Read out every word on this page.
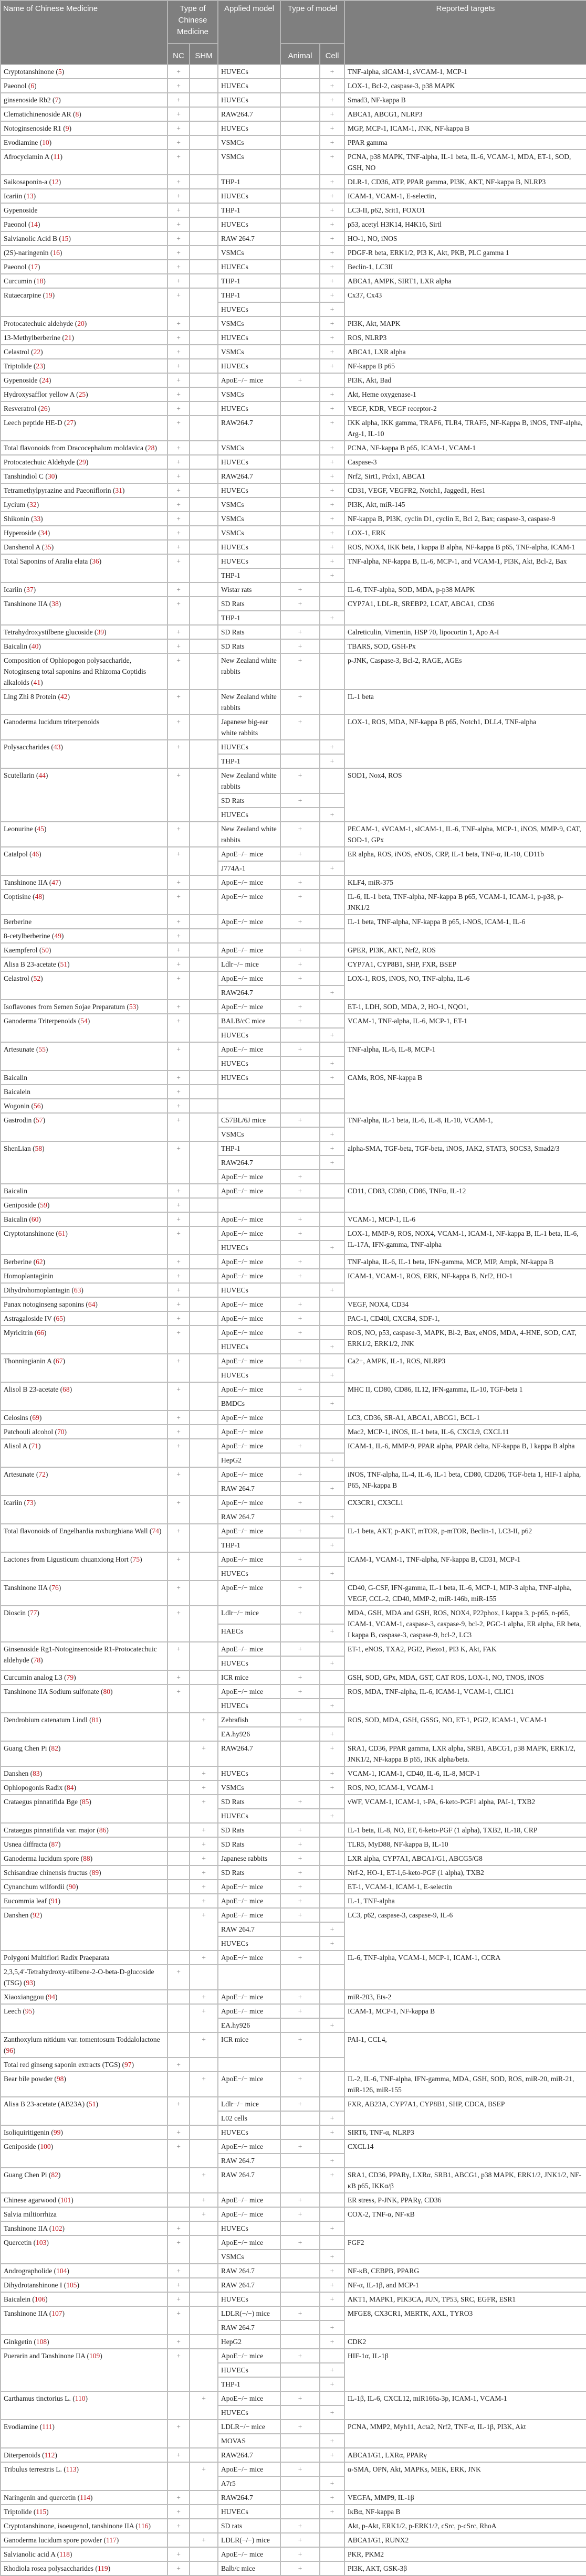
Name of Chinese Medicine	Type of Chinese Medicine		Applied model	Type of model		Reported targets
	NC	SHM		Animal	Cell	
Cryptotanshinone ( 5 )	+		HUVECs		+	TNF-alpha, sICAM-1, sVCAM-1, MCP-1
Paeonol ( 6 )	+		HUVECs		+	LOX-1, Bcl-2, caspase-3, p38 MAPK
ginsenoside Rb2 ( 7 )	+		HUVECs		+	Smad3, NF-kappa B
Clematichinenoside AR ( 8 )	+		RAW264.7		+	ABCA1, ABCG1, NLRP3
Notoginsenoside R1 ( 9 )	+		HUVECs		+	MGP, MCP-1, ICAM-1, JNK, NF-kappa B
Evodiamine ( 10 )	+		VSMCs		+	PPAR gamma
Afrocyclamin A ( 11 )	+		VSMCs		+	PCNA, p38 MAPK, TNF-alpha, IL-1 beta, IL-6, VCAM-1, MDA, ET-1, SOD, GSH, NO
Saikosaponin-a ( 12 )	+		THP-1		+	DLR-1, CD36, ATP, PPAR gamma, PI3K, AKT, NF-kappa B, NLRP3
Icariin ( 13 )	+		HUVECs		+	ICAM-1, VCAM-1, E-selectin,
Gypenoside	+		THP-1		+	LC3-II, p62, Srit1, FOXO1
Paeonol ( 14 )	+		HUVECs		+	p53, acetyl H3K14, H4K16, Sirtl
Salvianolic Acid B ( 15 )	+		RAW 264.7		+	HO-1, NO, iNOS
(2S)-naringenin ( 16 )	+		VSMCs		+	PDGF-R beta, ERK1/2, PI3 K, Akt, PKB, PLC gamma 1
Paeonol ( 17 )	+		HUVECs		+	Beclin-1, LC3II
Curcumin ( 18 )	+		THP-1		+	ABCA1, AMPK, SIRT1, LXR alpha
Rutaecarpine ( 19 )	+		THP-1		+	Cx37, Cx43
			HUVECs		+	
Protocatechuic aldehyde ( 20 )	+		VSMCs		+	PI3K, Akt, MAPK
13-Methylberberine ( 21 )	+		HUVECs		+	ROS, NLRP3
Celastrol ( 22 )	+		VSMCs		+	ABCA1, LXR alpha
Triptolide ( 23 )	+		HUVECs		+	NF-kappa B p65
Gypenoside ( 24 )	+		ApoE−/− mice	+		PI3K, Akt, Bad
Hydroxysafflor yellow A ( 25 )	+		VSMCs		+	Akt, Heme oxygenase-1
Resveratrol ( 26 )	+		HUVECs		+	VEGF, KDR, VEGF receptor-2
Leech peptide HE-D ( 27 )	+		RAW264.7		+	IKK alpha, IKK gamma, TRAF6, TLR4, TRAF5, NF-Kappa B, iNOS, TNF-alpha, Arg-1, IL-10
Total flavonoids from Dracocephalum moldavica ( 28 )	+		VSMCs		+	PCNA, NF-kappa B p65, ICAM-1, VCAM-1
Protocatechuic Aldehyde ( 29 )	+		HUVECs		+	Caspase-3
Tanshindiol C ( 30 )	+		RAW264.7		+	Nrf2, Sirt1, Prdx1, ABCA1
Tetramethylpyrazine and Paeoniflorin ( 31 )	+		HUVECs		+	CD31, VEGF, VEGFR2, Notch1, Jagged1, Hes1
Lycium ( 32 )	+		VSMCs		+	PI3K, Akt, miR-145
Shikonin ( 33 )	+		VSMCs		+	NF-kappa B, PI3K, cyclin D1, cyclin E, Bcl 2, Bax; caspase-3, caspase-9
Hyperoside ( 34 )	+		VSMCs		+	LOX-1, ERK
Danshenol A ( 35 )	+		HUVECs		+	ROS, NOX4, IKK beta, I kappa B alpha, NF-kappa B p65, TNF-alpha, ICAM-1
Total Saponins of Aralia elata ( 36 )	+		HUVECs		+	TNF-alpha, NF-kappa B, IL-6, MCP-1, and VCAM-1, PI3K, Akt, Bcl-2, Bax
			THP-1		+	
Icariin ( 37 )	+		Wistar rats	+		IL-6, TNF-alpha, SOD, MDA, p-p38 MAPK
Tanshinone IIA ( 38 )	+		SD Rats	+		CYP7A1, LDL-R, SREBP2, LCAT, ABCA1, CD36
			THP-1		+	
Tetrahydroxystilbene glucoside ( 39 )	+		SD Rats	+		Calreticulin, Vimentin, HSP 70, lipocortin 1, Apo A-I
Baicalin ( 40 )	+		SD Rats	+		TBARS, SOD, GSH-Px
Composition of Ophiopogon polysaccharide, Notoginseng total saponins and Rhizoma Coptidis alkaloids ( 41 )	+		New Zealand white rabbits	+		p-JNK, Caspase-3, Bcl-2, RAGE, AGEs
Ling Zhi 8 Protein ( 42 )	+		New Zealand white rabbits	+		IL-1 beta
Ganoderma lucidum triterpenoids	+		Japanese big-ear white rabbits	+		LOX-1, ROS, MDA, NF-kappa B p65, Notch1, DLL4, TNF-alpha
Polysaccharides ( 43 )	+		HUVECs		+	
			THP-1		+	
Scutellarin ( 44 )	+		New Zealand white rabbits	+		SOD1, Nox4, ROS
			SD Rats	+		
			HUVECs		+	
Leonurine ( 45 )	+		New Zealand white rabbits	+		PECAM-1, sVCAM-1, sICAM-1, IL-6, TNF-alpha, MCP-1, iNOS, MMP-9, CAT, SOD-1, GPx
Catalpol ( 46 )	+		ApoE−/− mice	+		ER alpha, ROS, iNOS, eNOS, CRP, IL-1 beta, TNF-α, IL-10, CD11b
			J774A-1		+	
Tanshinone IIA ( 47 )	+		ApoE−/− mice	+		KLF4, miR-375
Coptisine ( 48 )	+		ApoE−/− mice	+		IL-6, IL-1 beta, TNF-alpha, NF-kappa B p65, VCAM-1, ICAM-1, p-p38, p-JNK1/2
Berberine	+		ApoE−/− mice	+		IL-1 beta, TNF-alpha, NF-kappa B p65, i-NOS, ICAM-1, IL-6
8-cetylberberine ( 49 )	+					
Kaempferol ( 50 )	+		ApoE−/− mice	+		GPER, PI3K, AKT, Nrf2, ROS
Alisa B 23-acetate ( 51 )	+		Ldlr−/− mice	+		CYP7A1, CYP8B1, SHP, FXR, BSEP
Celastrol ( 52 )	+		ApoE−/− mice	+		LOX-1, ROS, iNOS, NO, TNF-alpha, IL-6
			RAW264.7		+	
Isoflavones from Semen Sojae Preparatum ( 53 )	+		ApoE−/− mice	+		ET-1, LDH, SOD, MDA, 2, HO-1, NQO1,
Ganoderma Triterpenoids ( 54 )	+		BALB/cC mice	+		VCAM-1, TNF-alpha, IL-6, MCP-1, ET-1
			HUVECs		+	
Artesunate ( 55 )	+		ApoE−/− mice	+		TNF-alpha, IL-6, IL-8, MCP-1
			HUVECs		+	
Baicalin	+		HUVECs		+	CAMs, ROS, NF-kappa B
Baicalein	+					
Wogonin ( 56 )	+					
Gastrodin ( 57 )	+		C57BL/6J mice	+		TNF-alpha, IL-1 beta, IL-6, IL-8, IL-10, VCAM-1,
			VSMCs		+	
ShenLian ( 58 )	+		THP-1		+	alpha-SMA, TGF-beta, TGF-beta, iNOS, JAK2, STAT3, SOCS3, Smad2/3
			RAW264.7		+	
			ApoE−/− mice	+		
Baicalin	+		ApoE−/− mice	+		CD11, CD83, CD80, CD86, TNFα, IL-12
Geniposide ( 59 )	+					
Baicalin ( 60 )	+		ApoE−/− mice	+		VCAM-1, MCP-1, IL-6
Cryptotanshinone ( 61 )	+		ApoE−/− mice	+		LOX-1, MMP-9, ROS, NOX4, VCAM-1, ICAM-1, NF-kappa B, IL-1 beta, IL-6, IL-17A, IFN-gamma, TNF-alpha
			HUVECs		+	
Berberine ( 62 )	+		ApoE−/− mice	+		TNF-alpha, IL-6, IL-1 beta, IFN-gamma, MCP, MIP, Ampk, Nf-kappa B
Homoplantaginin	+		ApoE−/− mice	+		ICAM-1, VCAM-1, ROS, ERK, NF-kappa B, Nrf2, HO-1
Dihydrohomoplantagin ( 63 )	+		HUVECs		+	
Panax notoginseng saponins ( 64 )	+		ApoE−/− mice	+		VEGF, NOX4, CD34
Astragaloside IV ( 65 )	+		ApoE−/− mice	+		PAC-1, CD40l, CXCR4, SDF-1,
Myricitrin ( 66 )	+		ApoE−/− mice	+		ROS, NO, p53, caspase-3, MAPK, Bl-2, Bax, eNOS, MDA, 4-HNE, SOD, CAT, ERK1/2, ERK1/2, JNK
			HUVECs		+	
Thonningianin A ( 67 )	+		ApoE−/− mice	+		Ca2+, AMPK, IL-1, ROS, NLRP3
			HUVECs		+	
Alisol B 23-acetate ( 68 )	+		ApoE−/− mice	+		MHC II, CD80, CD86, IL12, IFN-gamma, IL-10, TGF-beta 1
			BMDCs		+	
Celosins ( 69 )	+		ApoE−/− mice			LC3, CD36, SR-A1, ABCA1, ABCG1, BCL-1
Patchouli alcohol ( 70 )	+		ApoE−/− mice			Mac2, MCP-1, iNOS, IL-1 beta, IL-6, CXCL9, CXCL11
Alisol A ( 71 )	+		ApoE−/− mice	+		ICAM-1, IL-6, MMP-9, PPAR alpha, PPAR delta, NF-kappa B, I kappa B alpha
			HepG2		+	
Artesunate ( 72 )	+		ApoE−/− mice	+		iNOS, TNF-alpha, IL-4, IL-6, IL-1 beta, CD80, CD206, TGF-beta 1, HIF-1 alpha, P65, NF-kappa B
			RAW 264.7		+	
Icariin ( 73 )	+		ApoE−/− mice	+		CX3CR1, CX3CL1
			RAW 264.7		+	
Total flavonoids of Engelhardia roxburghiana Wall ( 74 )	+		ApoE−/− mice	+		IL-1 beta, AKT, p-AKT, mTOR, p-mTOR, Beclin-1, LC3-II, p62
			THP-1		+	
Lactones from Ligusticum chuanxiong Hort ( 75 )	+		ApoE−/− mice	+		ICAM-1, VCAM-1, TNF-alpha, NF-kappa B, CD31, MCP-1
			HUVECs		+	
Tanshinone IIA ( 76 )	+		ApoE−/− mice	+		CD40, G-CSF, IFN-gamma, IL-1 beta, IL-6, MCP-1, MIP-3 alpha, TNF-alpha, VEGF, CCL-2, CD40, MMP-2, miR-146b, miR-155
Dioscin ( 77 )	+		Ldlr−/− mice	+		MDA, GSH, MDA and GSH, ROS, NOX4, P22phox, I kappa 3, p-p65, n-p65, ICAM-1, VCAM-1, caspase-3, caspase-9, bcl-2, PGC-1 alpha, ER alpha, ER beta, I kappa B, caspase-3, caspase-9, bcl-2, LC3
			HAECs		+	
Ginsenoside Rg1-Notoginsenoside R1-Protocatechuic aldehyde ( 78 )	+		ApoE−/− mice	+		ET-1, eNOS, TXA2, PGI2, Piezo1, PI3 K, Akt, FAK
			HUVECs		+	
Curcumin analog L3 ( 79 )	+		ICR mice	+		GSH, SOD, GPx, MDA, GST, CAT ROS, LOX-1, NO, TNOS, iNOS
Tanshinone IIA Sodium sulfonate ( 80 )	+		ApoE−/− mice	+		ROS, MDA, TNF-alpha, IL-6, ICAM-1, VCAM-1, CLIC1
			HUVECs		+	
Dendrobium catenatum Lindl ( 81 )		+	Zebrafish	+		ROS, SOD, MDA, GSH, GSSG, NO, ET-1, PGI2, ICAM-1, VCAM-1
			EA.hy926		+	
Guang Chen Pi ( 82 )		+	RAW264.7		+	SRA1, CD36, PPAR gamma, LXR alpha, SRB1, ABCG1, p38 MAPK, ERK1/2, JNK1/2, NF-kappa B p65, IKK alpha/beta.
Danshen ( 83 )		+	HUVECs		+	VCAM-1, ICAM-1, CD40, IL-6, IL-8, MCP-1
Ophiopogonis Radix ( 84 )		+	VSMCs		+	ROS, NO, ICAM-1, VCAM-1
Crataegus pinnatifida Bge ( 85 )		+	SD Rats	+		vWF, VCAM-1, ICAM-1, t-PA, 6-keto-PGF1 alpha, PAI-1, TXB2
			HUVECs		+	
Crataegus pinnatifida var. major ( 86 )		+	SD Rats	+		IL-1 beta, IL-8, NO, ET, 6-keto-PGF (1 alpha), TXB2, IL-18, CRP
Usnea diffracta ( 87 )		+	SD Rats	+		TLR5, MyD88, NF-kappa B, IL-10
Ganoderma lucidum spore ( 88 )		+	Japanese rabbits	+		LXR alpha, CYP7A1, ABCA1/G1, ABCG5/G8
Schisandrae chinensis fructus ( 89 )		+	SD Rats	+		Nrf-2, HO-1, ET-1,6-keto-PGF (1 alpha), TXB2
Cynanchum wilfordii ( 90 )		+	ApoE−/− mice	+		ET-1, VCAM-1, ICAM-1, E-selectin
Eucommia leaf ( 91 )		+	ApoE−/− mice	+		IL-1, TNF-alpha
Danshen ( 92 )		+	ApoE−/− mice	+		LC3, p62, caspase-3, caspase-9, IL-6
			RAW 264.7		+	
			HUVECs		+	
Polygoni Multiflori Radix Praeparata		+	ApoE−/− mice	+		IL-6, TNF-alpha, VCAM-1, MCP-1, ICAM-1, CCRA
2,3,5,4′-Tetrahydroxy-stilbene-2-O-beta-D-glucoside (TSG) ( 93 )	+					
Xiaoxianggou ( 94 )		+	ApoE−/− mice	+		miR-203, Ets-2
Leech ( 95 )		+	ApoE−/− mice	+		ICAM-1, MCP-1, NF-kappa B
			EA.hy926		+	
Zanthoxylum nitidum var. tomentosum Toddalolactone ( 96 )		+	ICR mice	+		PAI-1, CCL4,
Total red ginseng saponin extracts (TGS) ( 97 )	+					
Bear bile powder ( 98 )		+	ApoE−/− mice	+		IL-2, IL-6, TNF-alpha, IFN-gamma, MDA, GSH, SOD, ROS, miR-20, miR-21, miR-126, miR-155
Alisa B 23-acetate (AB23A) ( 51 )	+		Ldlr−/− mice	+		FXR, AB23A, CYP7A1, CYP8B1, SHP, CDCA, BSEP
			L02 cells		+	
Isoliquiritigenin ( 99 )	+		HUVECs		+	SIRT6, TNF-α, NLRP3
Geniposide ( 100 )	+		ApoE−/− mice	+		CXCL14
			RAW 264.7		+	
Guang Chen Pi ( 82 )		+	RAW 264.7		+	SRA1, CD36, PPARγ, LXRα, SRB1, ABCG1, p38 MAPK, ERK1/2, JNK1/2, NF-κB p65, IKKα/β
Chinese agarwood ( 101 )		+	ApoE−/− mice	+		ER stress, P-JNK, PPARγ, CD36
Salvia miltiorrhiza		+	ApoE−/− mice	+		COX-2, TNF-α, NF-κB
Tanshinone IIA ( 102 )	+		HUVECs		+	
Quercetin ( 103 )	+		ApoE−/− mice	+		FGF2
			VSMCs		+	
Andrographolide ( 104 )	+		RAW 264.7		+	NF-κB, CEBPB, PPARG
Dihydrotanshinone I ( 105 )	+		RAW 264.7		+	NF-α, IL-1β, and MCP-1
Baicalein ( 106 )	+		HUVECs		+	AKT1, MAPK1, PIK3CA, JUN, TP53, SRC, EGFR, ESR1
Tanshinone IIA ( 107 )	+		LDLR(−/−) mice	+		MFGE8, CX3CR1, MERTK, AXL, TYRO3
			RAW 264.7		+	
Ginkgetin ( 108 )	+		HepG2		+	CDK2
Puerarin and Tanshinone IIA ( 109 )	+		ApoE−/− mice	+		HIF-1α, IL-1β
			HUVECs		+	
			THP-1		+	
Carthamus tinctorius L. ( 110 )		+	ApoE−/− mice	+		IL-1β, IL-6, CXCL12, miR166a-3p, ICAM-1, VCAM-1
			HUVECs		+	
Evodiamine ( 111 )	+		LDLR−/− mice	+		PCNA, MMP2, Myh11, Acta2, Nrf2, TNF-α, IL-1β, PI3K, Akt
			MOVAS		+	
Diterpenoids ( 112 )	+		RAW264.7		+	ABCA1/G1, LXRα, PPARγ
Tribulus terrestris L. ( 113 )		+	ApoE−/− mice	+		α-SMA, OPN, Akt, MAPKs, MEK, ERK, JNK
			A7r5		+	
Naringenin and quercetin ( 114 )	+		RAW264.7		+	VEGFA, MMP9, IL-1β
Triptolide ( 115 )	+		HUVECs		+	IκBα, NF-kappa B
Cryptotanshinone, isoeugenol, tanshinone IIA ( 116 )	+		SD rats	+		Akt, p-Akt, ERK1/2, p-ERK1/2, cSrc, p-cSrc, RhoA
Ganoderma lucidum spore powder ( 117 )		+	LDLR(−/−) mice	+		ABCA1/G1, RUNX2
Salvianolic acid A ( 118 )	+		ApoE−/− mice	+		PKR, PKM2
Rhodiola rosea polysaccharides ( 119 )	+		Balb/c mice	+		PI3K, AKT, GSK-3β
